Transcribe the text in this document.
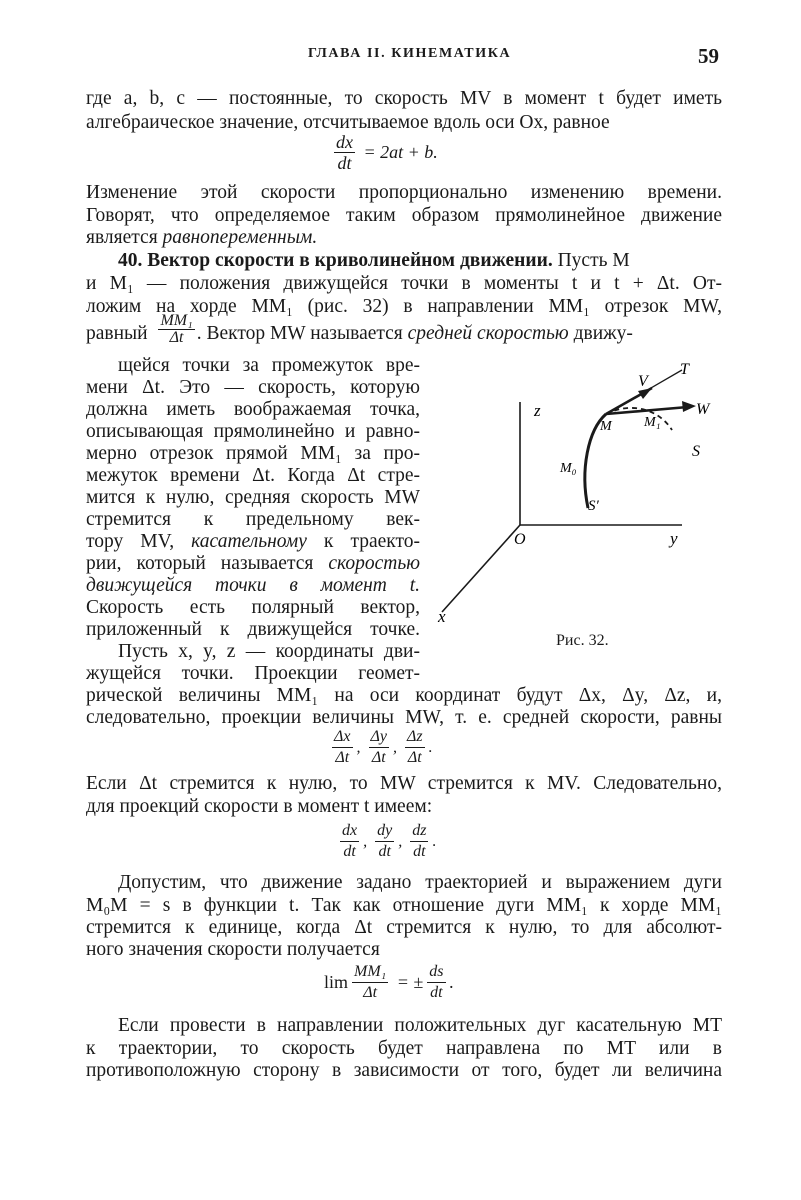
ГЛАВА II. КИНЕМАТИКА	59
где a, b, c — постоянные, то скорость MV в момент t будет иметь
алгебраическое значение, отсчитываемое вдоль оси Ox, равное
$\frac{dx}{dt} = 2at + b$.
Изменение этой скорости пропорционально изменению времени.
Говорят, что определяемое таким образом прямолинейное движение
является равнопеременным.
40. Вектор скорости в криволинейном движении. Пусть M
и M₁ — положения движущейся точки в моменты t и t + Δt. От-
ложим на хорде MM₁ (рис. 32) в направлении MM₁ отрезок MW,
равный $\frac{\text{MM₁}}{\Delta t}$ . Вектор MW называется средней скоростью движу-
щейся точки за промежуток вре-
мени Δt. Это — скорость, которую
должна иметь воображаемая точка,
описывающая прямолинейно и равно-
мерно отрезок прямой MM₁ за про-
межуток времени Δt. Когда Δt стре-
мится к нулю, средняя скорость MW
стремится к предельному век-
тору MV, касательному к траекто-
рии, который называется скоростью
движущейся точки в момент t.
Скорость есть полярный вектор,
приложенный к движущейся точке.
Пусть x, y, z — координаты дви-
жущейся точки. Проекции геомет-
z
y
x
O
V
T
W
M M₁
S
M₀
S′
Рис. 32.
рической величины MM₁ на оси координат будут Δx, Δy, Δz, и,
следовательно, проекции величины MW, т. е. средней скорости, равны
$\frac{\Delta x}{\Delta t}$ , $\frac{\Delta y}{\Delta t}$ , $\frac{\Delta z}{\Delta t}$ .
Если Δt стремится к нулю, то MW стремится к MV. Следовательно,
для проекций скорости в момент t имеем:
$\frac{dx}{dt}$ , $\frac{dy}{dt}$ , $\frac{dz}{dt}$ .
Допустим, что движение задано траекторией и выражением дуги
M₀M = s в функции t. Так как отношение дуги MM₁ к хорде MM₁
стремится к единице, когда Δt стремится к нулю, то для абсолют-
ного значения скорости получается
$\lim \frac{\text{MM₁}}{\Delta t}$ = ± $\frac{ds}{dt}$ .
Если провести в направлении положительных дуг касательную MT
к траектории, то скорость будет направлена по MT или в
противоположную сторону в зависимости от того, будет ли величина
